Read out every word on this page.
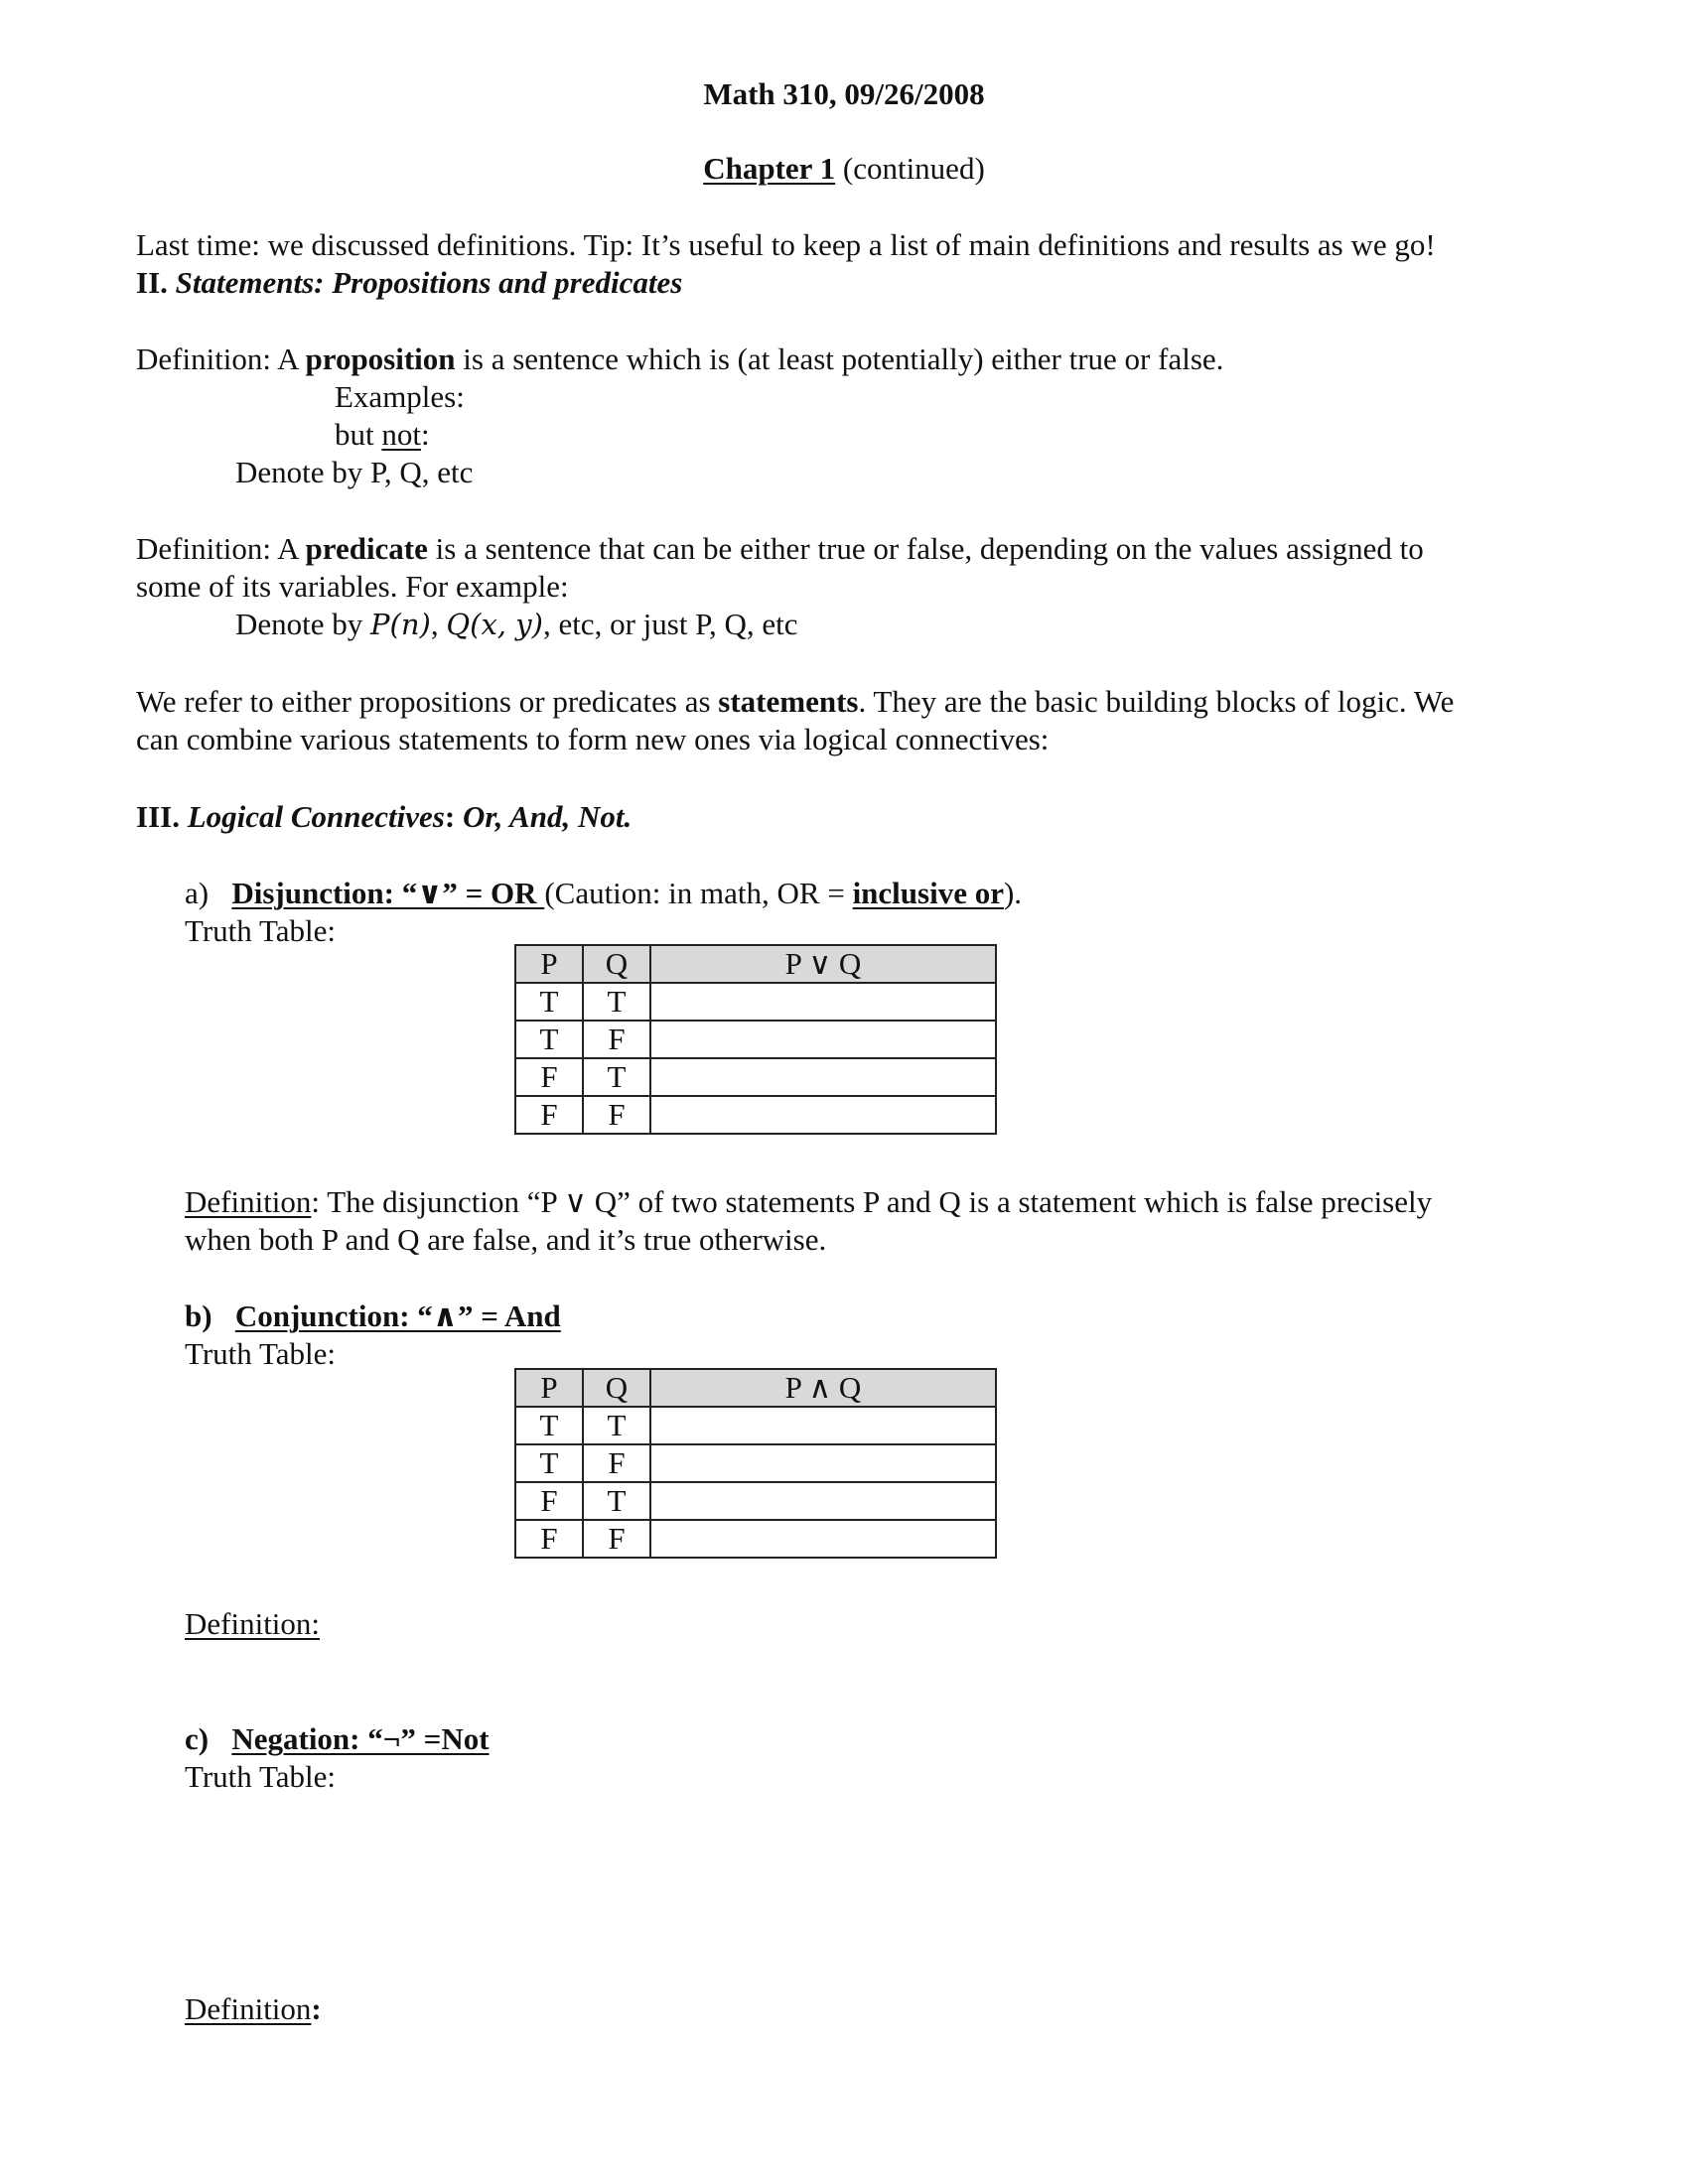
Math 310, 09/26/2008

Chapter 1 (continued)

Last time: we discussed definitions. Tip: It’s useful to keep a list of main definitions and results as we go!

II. Statements: Propositions and predicates

Definition: A proposition is a sentence which is (at least potentially) either true or false.

Examples:

but not:

Denote by P, Q, etc

Definition: A predicate is a sentence that can be either true or false, depending on the values assigned to

some of its variables. For example:

Denote by P(n), Q(x, y), etc, or just P, Q, etc

We refer to either propositions or predicates as statements. They are the basic building blocks of logic. We

can combine various statements to form new ones via logical connectives:

III. Logical Connectives: Or, And, Not.

a) Disjunction: “∨” = OR (Caution: in math, OR = inclusive or).

Truth Table:

P	Q	P ∨ Q
T	T	
T	F	
F	T	
F	F	

Definition: The disjunction “P ∨ Q” of two statements P and Q is a statement which is false precisely

when both P and Q are false, and it’s true otherwise.

b) Conjunction: “∧” = And

Truth Table:

P	Q	P ∧ Q
T	T	
T	F	
F	T	
F	F	

Definition:

c) Negation: “¬” =Not

Truth Table:

Definition:
